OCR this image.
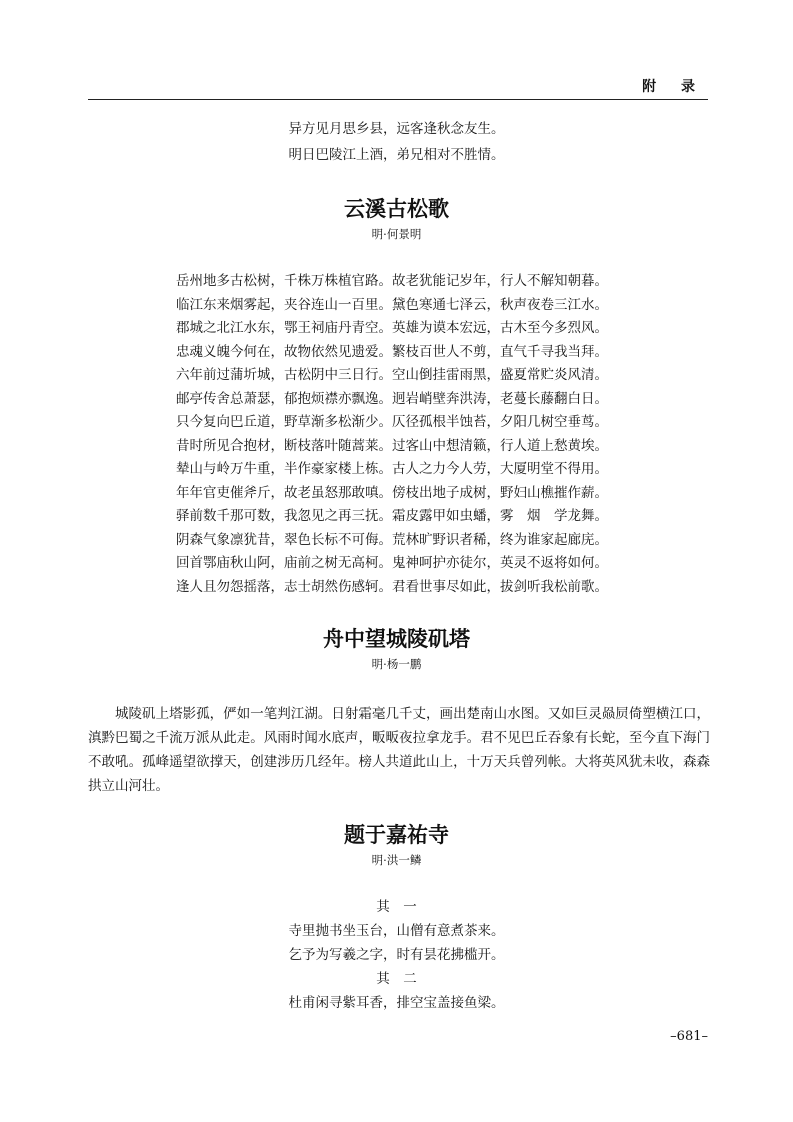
附 录
异方见月思乡县，远客逢秋念友生。
明日巴陵江上酒，弟兄相对不胜情。
云溪古松歌
明·何景明
岳州地多古松树，千株万株植官路。故老犹能记岁年，行人不解知朝暮。
临江东来烟雾起，夹谷连山一百里。黛色寒通七泽云，秋声夜卷三江水。
郡城之北江水东，鄂王祠庙丹青空。英雄为谟本宏远，古木至今多烈风。
忠魂义魄今何在，故物依然见遗爱。繁枝百世人不剪，直气千寻我当拜。
六年前过蒲圻城，古松阴中三日行。空山倒挂雷雨黑，盛夏常贮炎风清。
邮亭传舍总萧瑟，郁抱烦襟亦飘逸。迥岩峭壁奔洪涛，老蔓长藤翻白日。
只今复向巴丘道，野草渐多松渐少。仄径孤根半蚀苔，夕阳几树空垂茑。
昔时所见合抱材，断枝落叶随蒿莱。过客山中想清籁，行人道上愁黄埃。
辇山与岭万牛重，半作豪家楼上栋。古人之力今人劳，大厦明堂不得用。
年年官吏催斧斤，故老虽怒那敢嗔。傍枝出地子成树，野妇山樵摧作薪。
驿前数千那可数，我忽见之再三抚。霜皮露甲如虫蟠，雾　烟　学龙舞。
阴森气象凛犹昔，翠色长标不可侮。荒林旷野识者稀，终为谁家起廊庑。
回首鄂庙秋山阿，庙前之树无高柯。鬼神呵护亦徒尔，英灵不返将如何。
逢人且勿怨摇落，志士胡然伤感轲。君看世事尽如此，拔剑听我松前歌。
舟中望城陵矶塔
明·杨一鹏

城陵矶上塔影孤，俨如一笔判江湖。日射霜毫几千丈，画出楚南山水图。又如巨灵赑屃倚塑横江口，滇黔巴蜀之千流万派从此走。风雨时闻水底声，畈畈夜拉拿龙手。君不见巴丘吞象有长蛇，至今直下海门不敢吼。孤峰遥望欲撑天，创建涉历几经年。榜人共道此山上，十万天兵曾列帐。大将英风犹未收，森森拱立山河壮。

题于嘉祐寺
明·洪一鳞
其　一
寺里抛书坐玉台，山僧有意煮茶来。
乞予为写羲之字，时有昙花拂槛开。
其　二
杜甫闲寻紫耳香，排空宝盖接鱼梁。
–681–
